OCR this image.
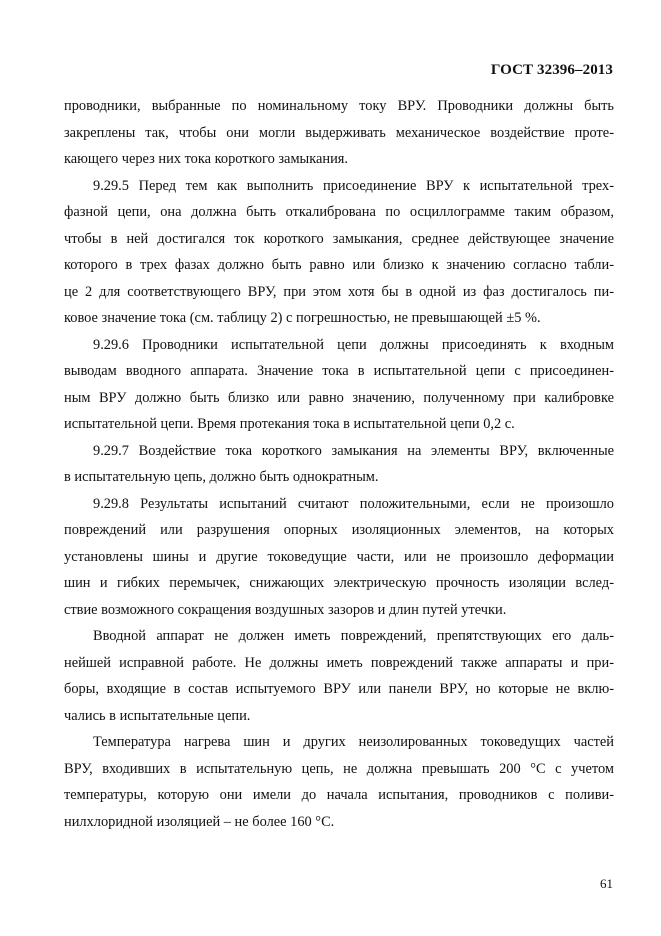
ГОСТ 32396–2013

проводники, выбранные по номинальному току ВРУ. Проводники должны быть
закреплены так, чтобы они могли выдерживать механическое воздействие проте-
кающего через них тока короткого замыкания.

9.29.5 Перед тем как выполнить присоединение ВРУ к испытательной трех-
фазной цепи, она должна быть откалибрована по осциллограмме таким образом,
чтобы в ней достигался ток короткого замыкания, среднее действующее значение
которого в трех фазах должно быть равно или близко к значению согласно табли-
це 2 для соответствующего ВРУ, при этом хотя бы в одной из фаз достигалось пи-
ковое значение тока (см. таблицу 2) с погрешностью, не превышающей ±5 %.

9.29.6 Проводники испытательной цепи должны присоединять к входным
выводам вводного аппарата. Значение тока в испытательной цепи с присоединен-
ным ВРУ должно быть близко или равно значению, полученному при калибровке
испытательной цепи. Время протекания тока в испытательной цепи 0,2 с.

9.29.7 Воздействие тока короткого замыкания на элементы ВРУ, включенные
в испытательную цепь, должно быть однократным.

9.29.8 Результаты испытаний считают положительными, если не произошло
повреждений или разрушения опорных изоляционных элементов, на которых
установлены шины и другие токоведущие части, или не произошло деформации
шин и гибких перемычек, снижающих электрическую прочность изоляции вслед-
ствие возможного сокращения воздушных зазоров и длин путей утечки.

Вводной аппарат не должен иметь повреждений, препятствующих его даль-
нейшей исправной работе. Не должны иметь повреждений также аппараты и при-
боры, входящие в состав испытуемого ВРУ или панели ВРУ, но которые не вклю-
чались в испытательные цепи.

Температура нагрева шин и других неизолированных токоведущих частей
ВРУ, входивших в испытательную цепь, не должна превышать 200 °С с учетом
температуры, которую они имели до начала испытания, проводников с поливи-
нилхлоридной изоляцией – не более 160 °С.

61
